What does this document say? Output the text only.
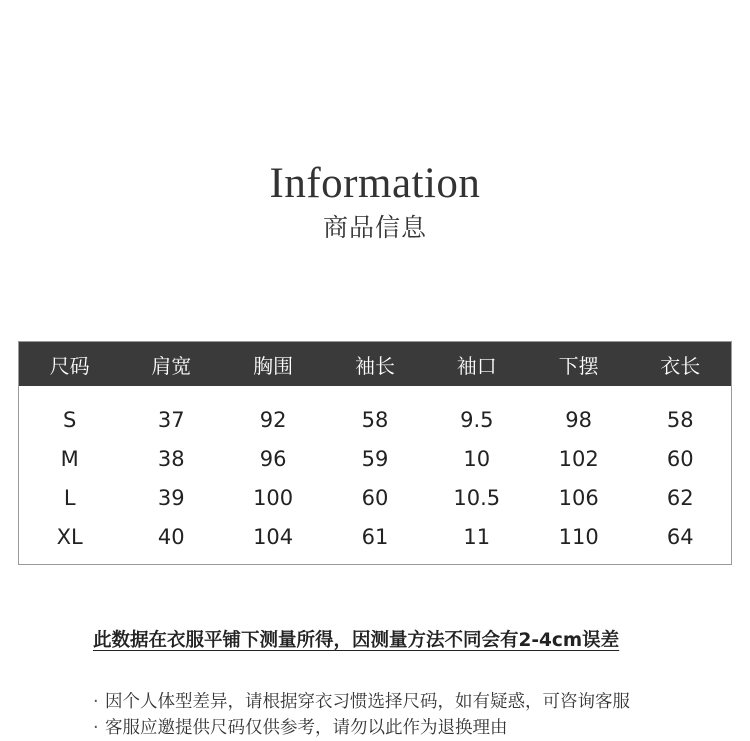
Information
商品信息
尺码	肩宽	胸围	袖长	袖口	下摆	衣长
S	37	92	58	9.5	98	58
M	38	96	59	10	102	60
L	39	100	60	10.5	106	62
XL	40	104	61	11	110	64
此数据在衣服平铺下测量所得，因测量方法不同会有2-4cm误差
· 因个人体型差异，请根据穿衣习惯选择尺码，如有疑惑，可咨询客服
· 客服应邀提供尺码仅供参考，请勿以此作为退换理由
